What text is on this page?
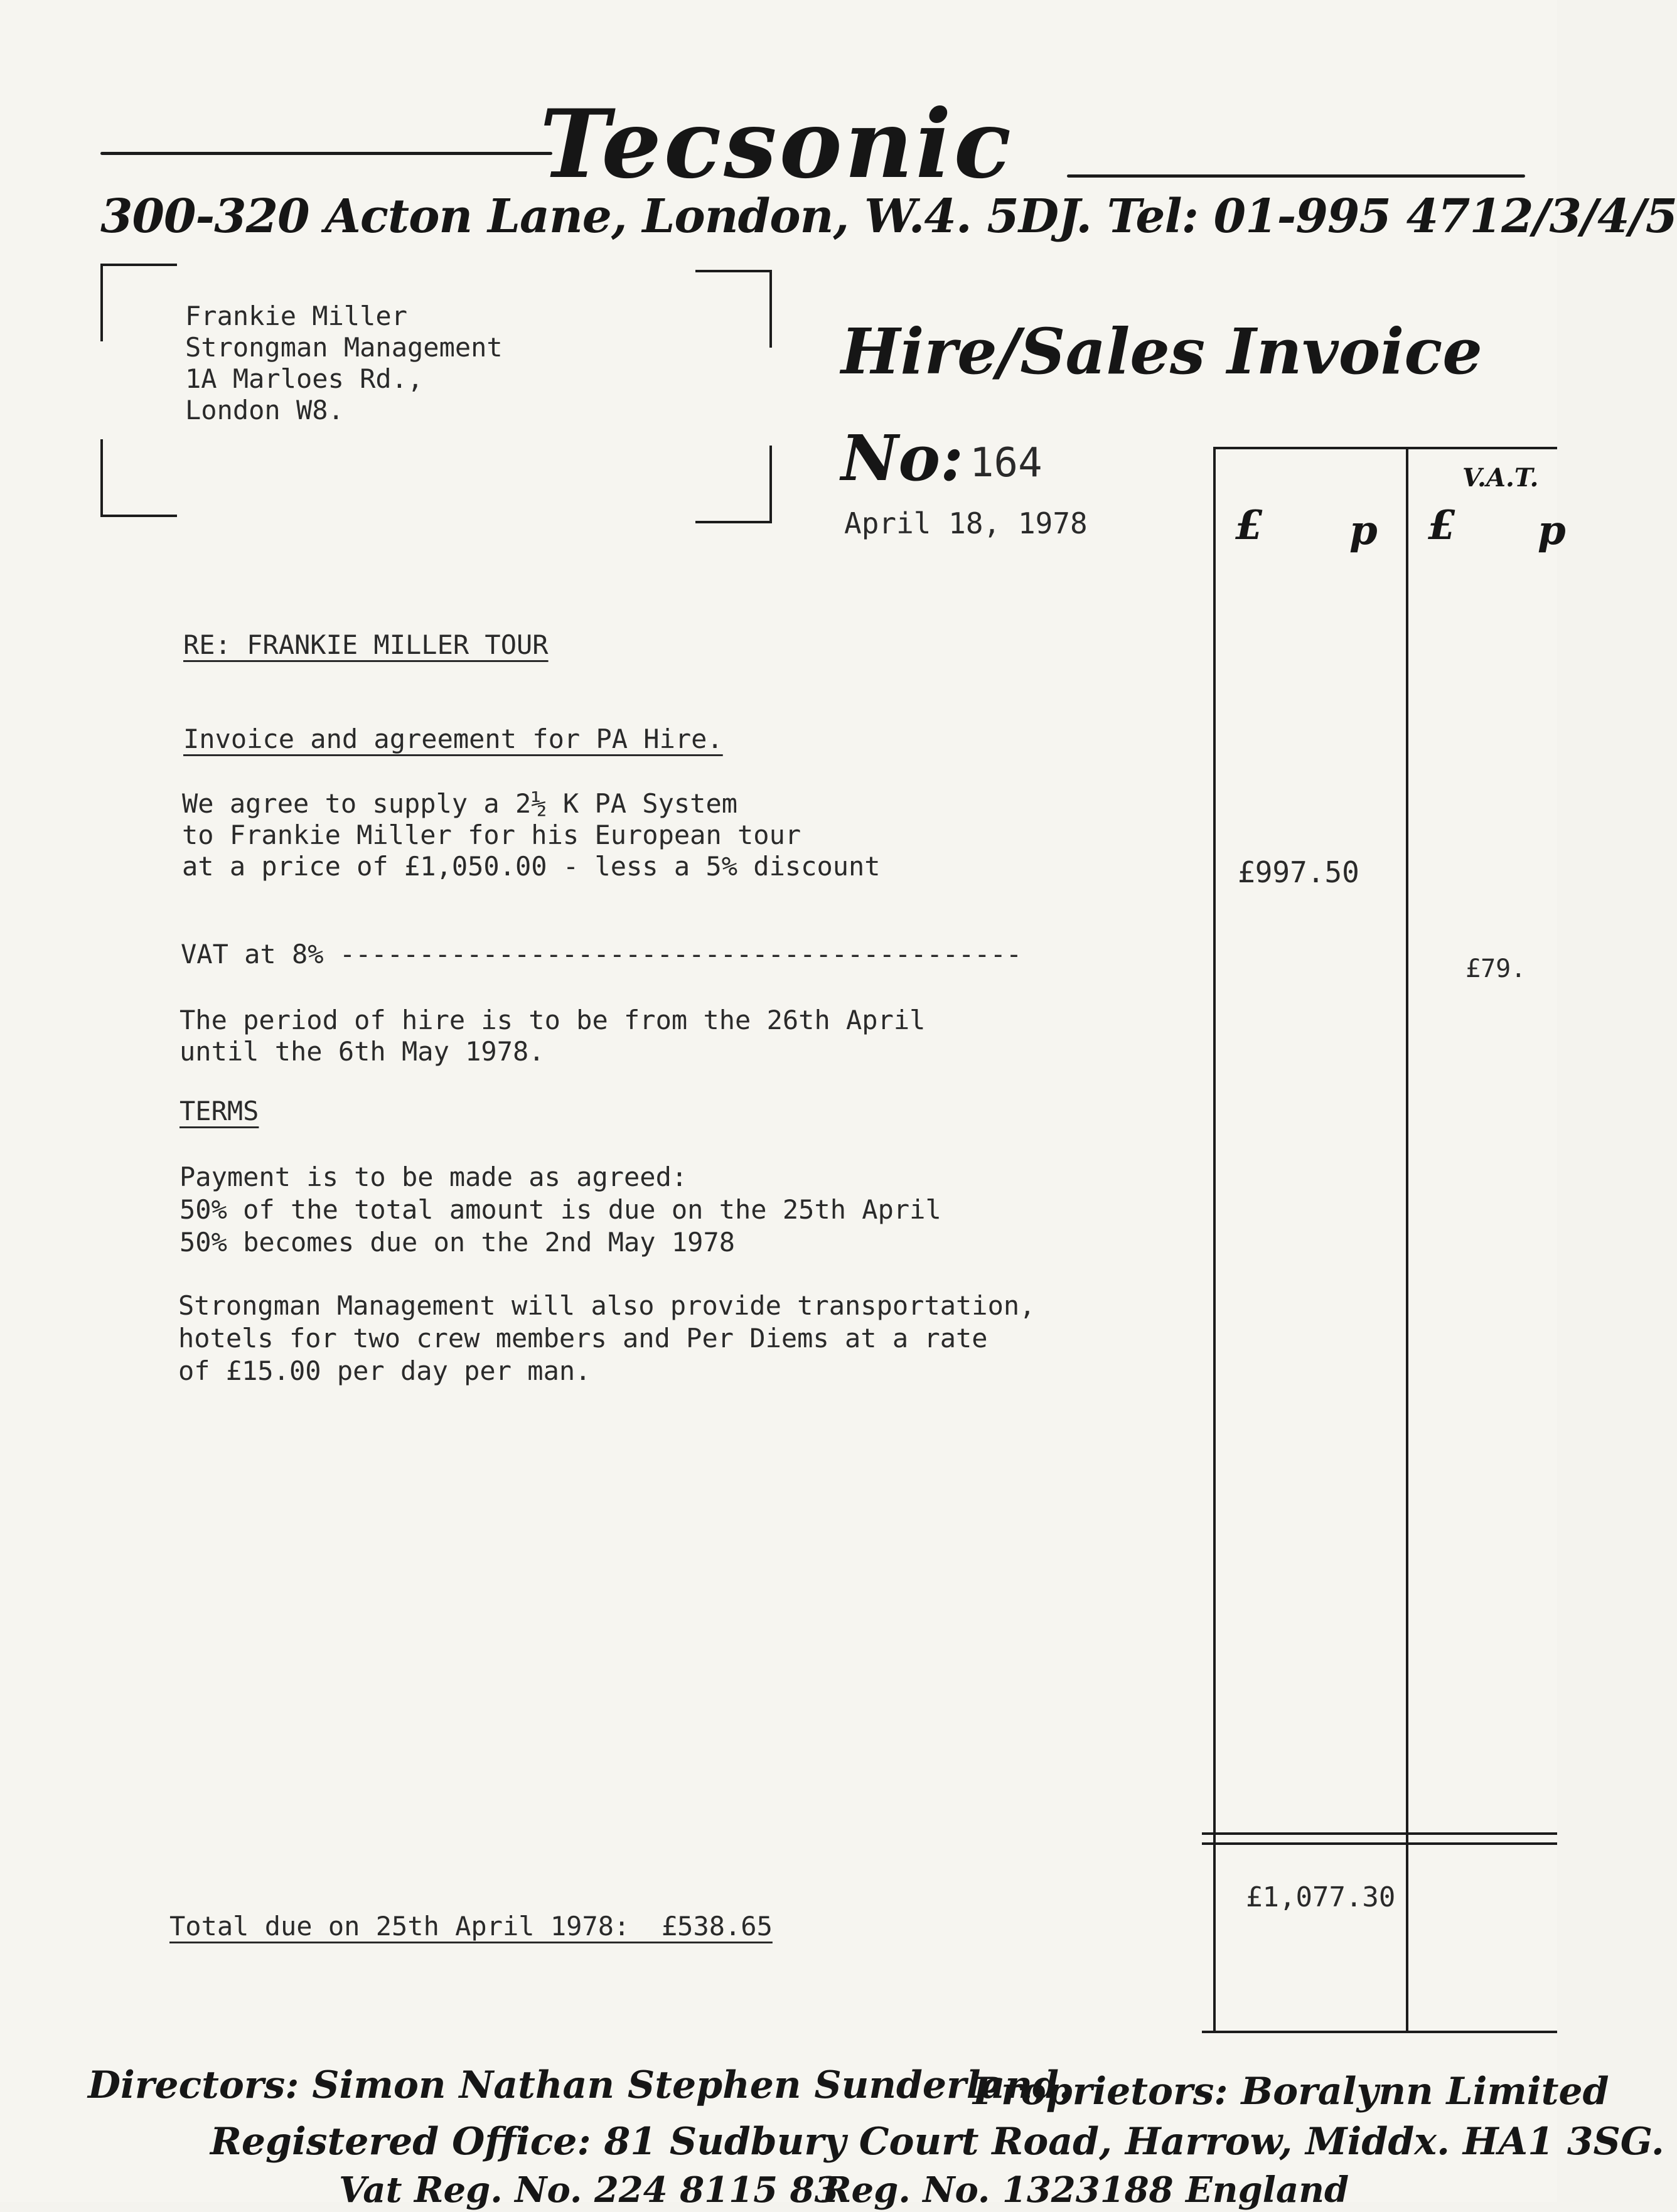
Tecsonic
300-320 Acton Lane, London, W.4. 5DJ. Tel: 01-995 4712/3/4/5
Frankie Miller
Strongman Management
1A Marloes Rd.,
London W8.
Hire/Sales Invoice
No: 164
April 18, 1978
V.A.T.
£ p £ p
£997.50
£79.
£1,077.30
RE: FRANKIE MILLER TOUR
Invoice and agreement for PA Hire.
We agree to supply a 2½ K PA System
to Frankie Miller for his European tour
at a price of £1,050.00 - less a 5% discount
VAT at 8% -------------------------------------------
The period of hire is to be from the 26th April
until the 6th May 1978.
TERMS
Payment is to be made as agreed:
50% of the total amount is due on the 25th April
50% becomes due on the 2nd May 1978
Strongman Management will also provide transportation,
hotels for two crew members and Per Diems at a rate
of £15.00 per day per man.
Total due on 25th April 1978:  £538.65
Directors: Simon Nathan Stephen Sunderland.
Proprietors: Boralynn Limited
Registered Office: 81 Sudbury Court Road, Harrow, Middx. HA1 3SG.
Vat Reg. No. 224 8115 83
Reg. No. 1323188 England
